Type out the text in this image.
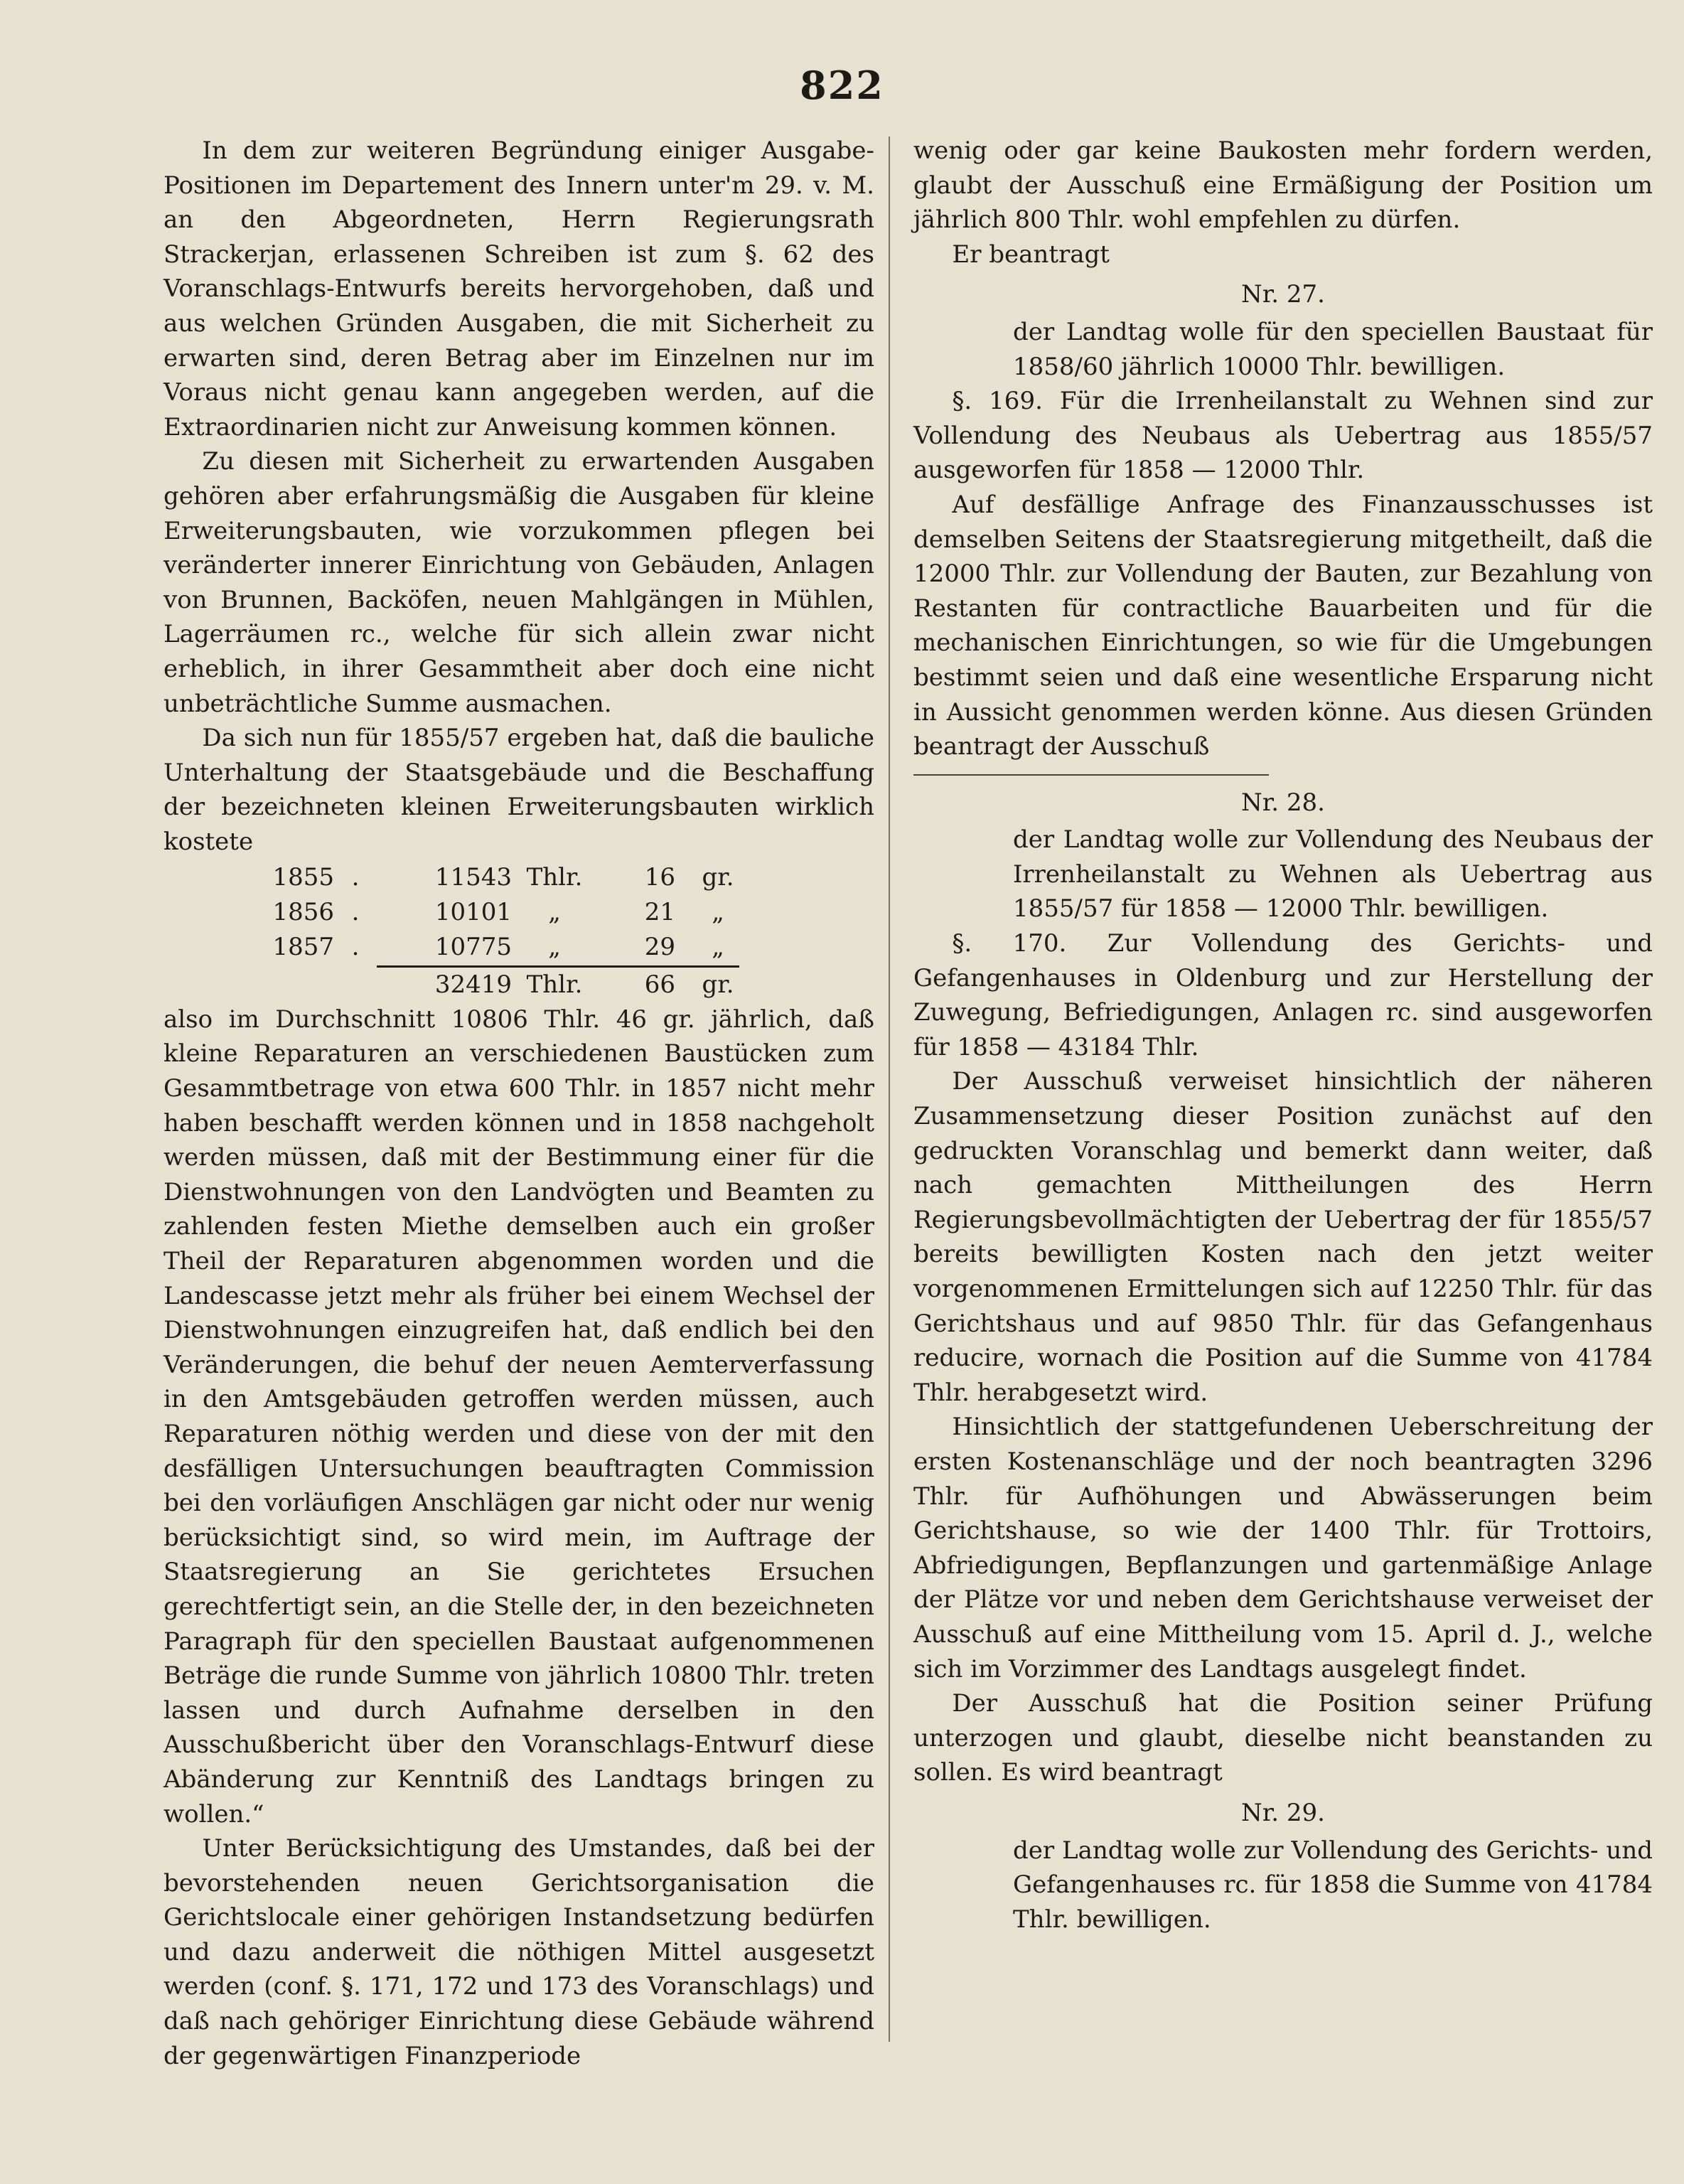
822

In dem zur weiteren Begründung einiger Ausgabe-Positionen im Departement des Innern unter'm 29. v. M. an den Abgeordneten, Herrn Regierungsrath Strackerjan, erlassenen Schreiben ist zum §. 62 des Voranschlags-Entwurfs bereits hervorgehoben, daß und aus welchen Gründen Ausgaben, die mit Sicherheit zu erwarten sind, deren Betrag aber im Einzelnen nur im Voraus nicht genau kann angegeben werden, auf die Extraordinarien nicht zur Anweisung kommen können.

Zu diesen mit Sicherheit zu erwartenden Ausgaben gehören aber erfahrungsmäßig die Ausgaben für kleine Erweiterungsbauten, wie vorzukommen pflegen bei veränderter innerer Einrichtung von Gebäuden, Anlagen von Brunnen, Backöfen, neuen Mahlgängen in Mühlen, Lagerräumen rc., welche für sich allein zwar nicht erheblich, in ihrer Gesammtheit aber doch eine nicht unbeträchtliche Summe ausmachen.

Da sich nun für 1855/57 ergeben hat, daß die bauliche Unterhaltung der Staatsgebäude und die Beschaffung der bezeichneten kleinen Erweiterungsbauten wirklich kostete

1855 .	11543 Thlr.	16	gr.
1856 .	10101	„	21	„
1857 .	10775	„	29	„
32419 Thlr.	66	gr.

also im Durchschnitt 10806 Thlr. 46 gr. jährlich, daß kleine Reparaturen an verschiedenen Baustücken zum Gesammtbetrage von etwa 600 Thlr. in 1857 nicht mehr haben beschafft werden können und in 1858 nachgeholt werden müssen, daß mit der Bestimmung einer für die Dienstwohnungen von den Landvögten und Beamten zu zahlenden festen Miethe demselben auch ein großer Theil der Reparaturen abgenommen worden und die Landescasse jetzt mehr als früher bei einem Wechsel der Dienstwohnungen einzugreifen hat, daß endlich bei den Veränderungen, die behuf der neuen Aemterverfassung in den Amtsgebäuden getroffen werden müssen, auch Reparaturen nöthig werden und diese von der mit den desfälligen Untersuchungen beauftragten Commission bei den vorläufigen Anschlägen gar nicht oder nur wenig berücksichtigt sind, so wird mein, im Auftrage der Staatsregierung an Sie gerichtetes Ersuchen gerechtfertigt sein, an die Stelle der, in den bezeichneten Paragraph für den speciellen Baustaat aufgenommenen Beträge die runde Summe von jährlich 10800 Thlr. treten lassen und durch Aufnahme derselben in den Ausschußbericht über den Voranschlags-Entwurf diese Abänderung zur Kenntniß des Landtags bringen zu wollen.“

Unter Berücksichtigung des Umstandes, daß bei der bevorstehenden neuen Gerichtsorganisation die Gerichtslocale einer gehörigen Instandsetzung bedürfen und dazu anderweit die nöthigen Mittel ausgesetzt werden (conf. §. 171, 172 und 173 des Voranschlags) und daß nach gehöriger Einrichtung diese Gebäude während der gegenwärtigen Finanzperiode

wenig oder gar keine Baukosten mehr fordern werden, glaubt der Ausschuß eine Ermäßigung der Position um jährlich 800 Thlr. wohl empfehlen zu dürfen.

Er beantragt

Nr. 27.

der Landtag wolle für den speciellen Baustaat für 1858/60 jährlich 10000 Thlr. bewilligen.

§. 169. Für die Irrenheilanstalt zu Wehnen sind zur Vollendung des Neubaus als Uebertrag aus 1855/57 ausgeworfen für 1858 — 12000 Thlr.

Auf desfällige Anfrage des Finanzausschusses ist demselben Seitens der Staatsregierung mitgetheilt, daß die 12000 Thlr. zur Vollendung der Bauten, zur Bezahlung von Restanten für contractliche Bauarbeiten und für die mechanischen Einrichtungen, so wie für die Umgebungen bestimmt seien und daß eine wesentliche Ersparung nicht in Aussicht genommen werden könne. Aus diesen Gründen beantragt der Ausschuß

Nr. 28.

der Landtag wolle zur Vollendung des Neubaus der Irrenheilanstalt zu Wehnen als Uebertrag aus 1855/57 für 1858 — 12000 Thlr. bewilligen.

§. 170. Zur Vollendung des Gerichts- und Gefangenhauses in Oldenburg und zur Herstellung der Zuwegung, Befriedigungen, Anlagen rc. sind ausgeworfen für 1858 — 43184 Thlr.

Der Ausschuß verweiset hinsichtlich der näheren Zusammensetzung dieser Position zunächst auf den gedruckten Voranschlag und bemerkt dann weiter, daß nach gemachten Mittheilungen des Herrn Regierungsbevollmächtigten der Uebertrag der für 1855/57 bereits bewilligten Kosten nach den jetzt weiter vorgenommenen Ermittelungen sich auf 12250 Thlr. für das Gerichtshaus und auf 9850 Thlr. für das Gefangenhaus reducire, wornach die Position auf die Summe von 41784 Thlr. herabgesetzt wird.

Hinsichtlich der stattgefundenen Ueberschreitung der ersten Kostenanschläge und der noch beantragten 3296 Thlr. für Aufhöhungen und Abwässerungen beim Gerichtshause, so wie der 1400 Thlr. für Trottoirs, Abfriedigungen, Bepflanzungen und gartenmäßige Anlage der Plätze vor und neben dem Gerichtshause verweiset der Ausschuß auf eine Mittheilung vom 15. April d. J., welche sich im Vorzimmer des Landtags ausgelegt findet.

Der Ausschuß hat die Position seiner Prüfung unterzogen und glaubt, dieselbe nicht beanstanden zu sollen. Es wird beantragt

Nr. 29.

der Landtag wolle zur Vollendung des Gerichts- und Gefangenhauses rc. für 1858 die Summe von 41784 Thlr. bewilligen.
